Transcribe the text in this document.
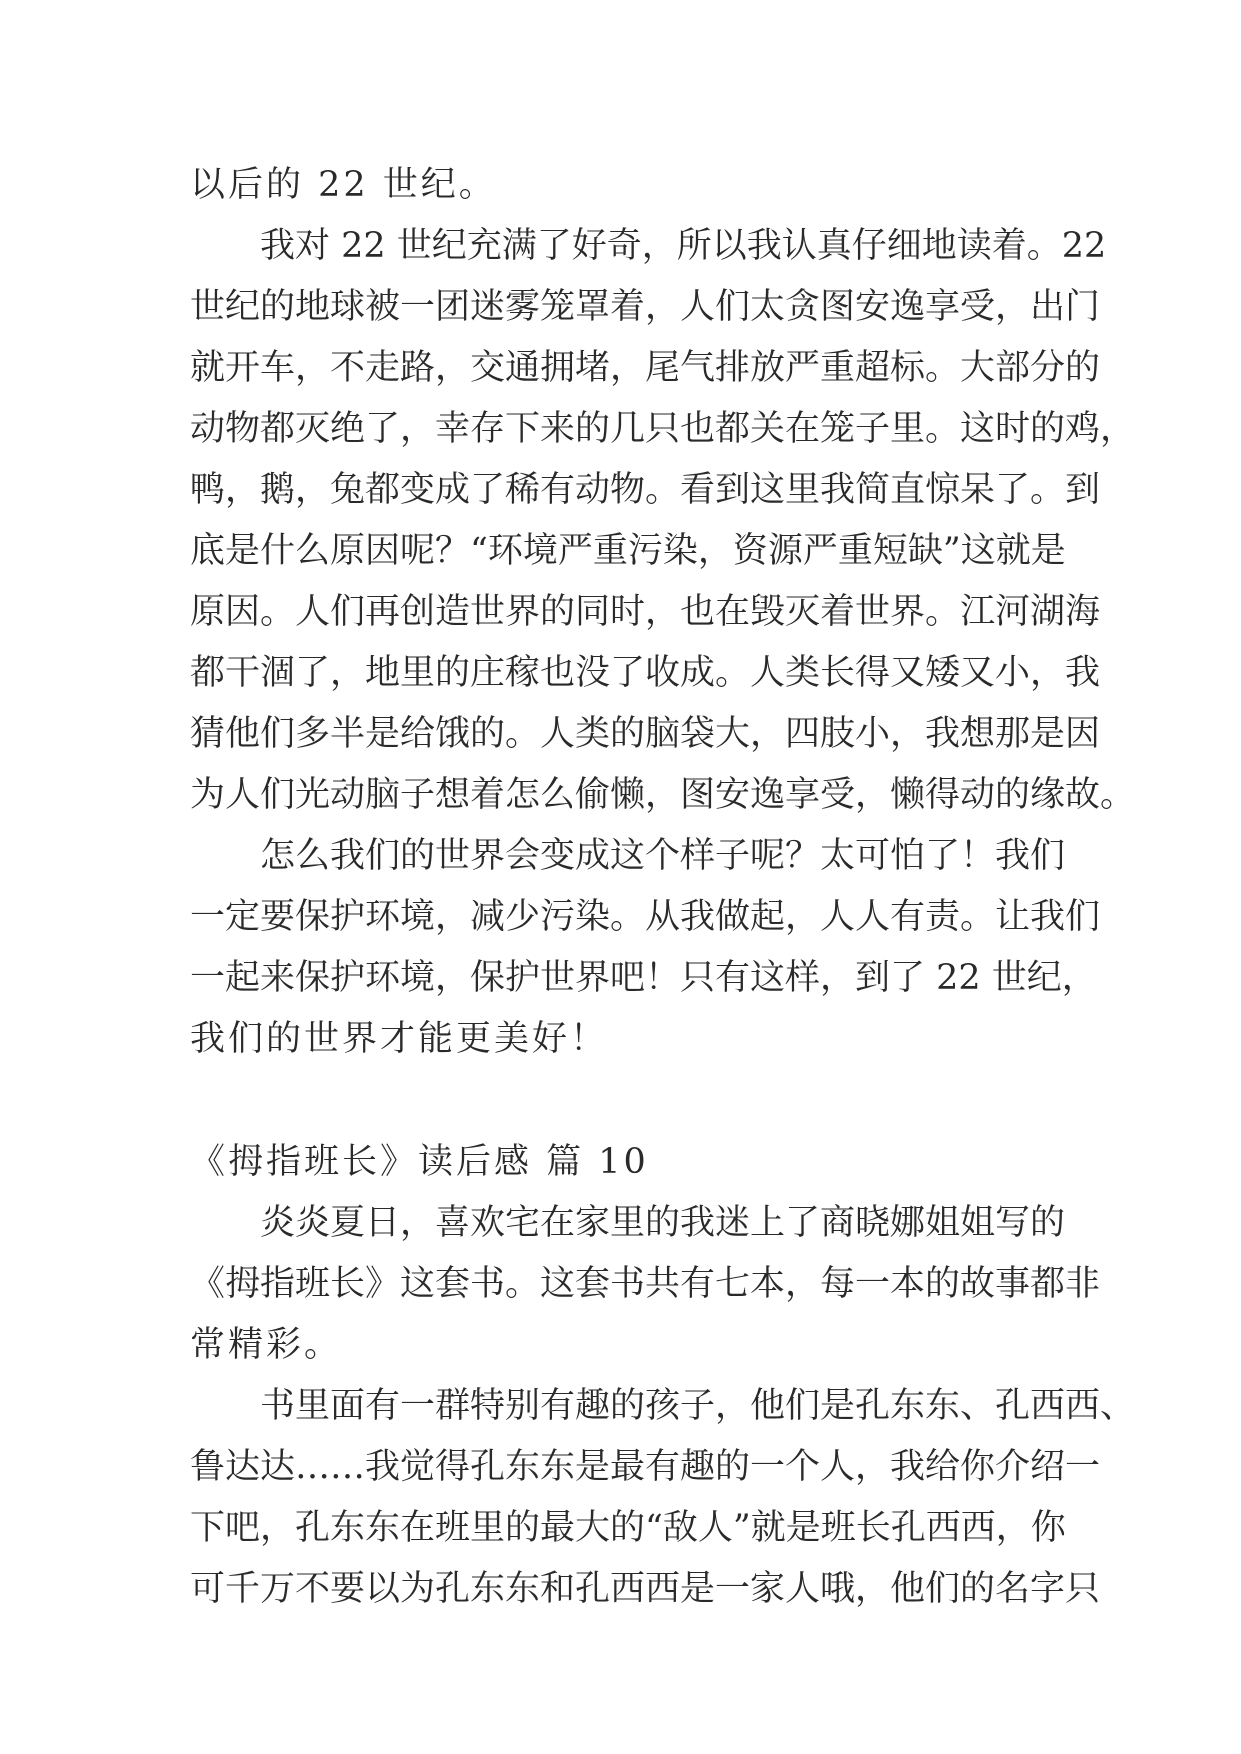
以后的 22 世纪。
我对 22 世纪充满了好奇，所以我认真仔细地读着。22
世纪的地球被一团迷雾笼罩着，人们太贪图安逸享受，出门
就开车，不走路，交通拥堵，尾气排放严重超标。大部分的
动物都灭绝了，幸存下来的几只也都关在笼子里。这时的鸡，
鸭，鹅，兔都变成了稀有动物。看到这里我简直惊呆了。到
底是什么原因呢？“环境严重污染，资源严重短缺”这就是
原因。人们再创造世界的同时，也在毁灭着世界。江河湖海
都干涸了，地里的庄稼也没了收成。人类长得又矮又小，我
猜他们多半是给饿的。人类的脑袋大，四肢小，我想那是因
为人们光动脑子想着怎么偷懒，图安逸享受，懒得动的缘故。
怎么我们的世界会变成这个样子呢？太可怕了！我们
一定要保护环境，减少污染。从我做起，人人有责。让我们
一起来保护环境，保护世界吧！只有这样，到了 22 世纪，
我们的世界才能更美好！
《拇指班长》读后感 篇 10
炎炎夏日，喜欢宅在家里的我迷上了商晓娜姐姐写的
《拇指班长》这套书。这套书共有七本，每一本的故事都非
常精彩。
书里面有一群特别有趣的孩子，他们是孔东东、孔西西、
鲁达达……我觉得孔东东是最有趣的一个人，我给你介绍一
下吧，孔东东在班里的最大的“敌人”就是班长孔西西，你
可千万不要以为孔东东和孔西西是一家人哦，他们的名字只
